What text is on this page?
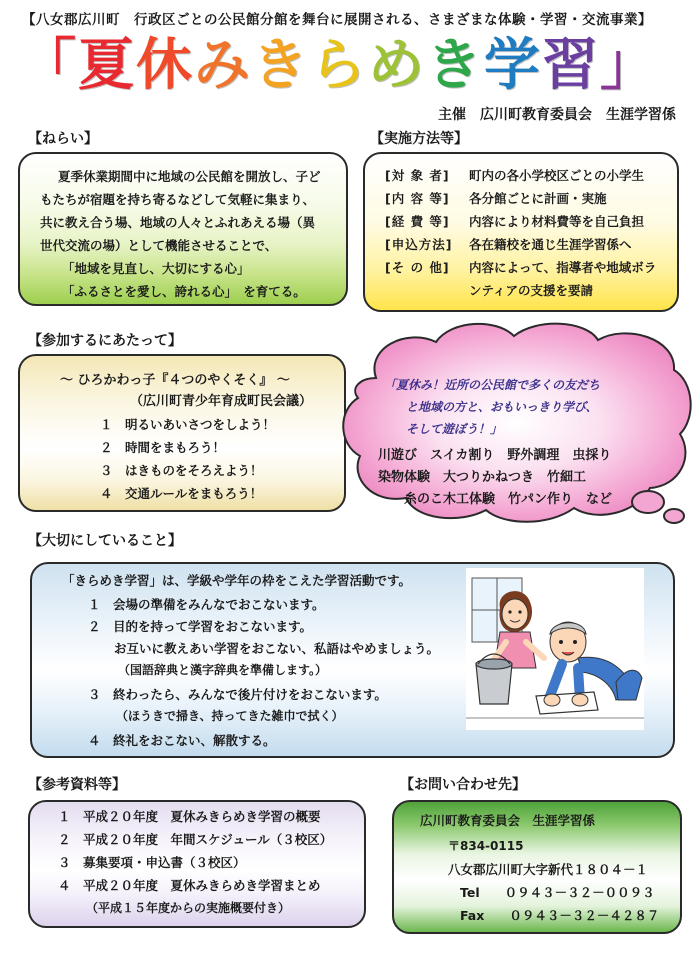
【八女郡広川町　行政区ごとの公民館分館を舞台に展開される、さまざまな体験・学習・交流事業】
「夏休みきらめき学習」
主催　広川町教育委員会　生涯学習係
【ねらい】
夏季休業期間中に地域の公民館を開放し、子ど
もたちが宿題を持ち寄るなどして気軽に集まり、
共に教え合う場、地域の人々とふれあえる場（異
世代交流の場）として機能させることで、
「地域を見直し、大切にする心」
「ふるさとを愛し、誇れる心」　を育てる。
【実施方法等】
[対 象 者]	町内の各小学校区ごとの小学生
[内 容 等]	各分館ごとに計画・実施
[経 費 等]	内容により材料費等を自己負担
[申込方法]	各在籍校を通じ生涯学習係へ
[そ の 他]	内容によって、指導者や地域ボラ
ンティアの支援を要請
【参加するにあたって】
～ ひろかわっ子『４つのやくそく』 ～
（広川町青少年育成町民会議）
１　 明るいあいさつをしよう！
２　 時間をまもろう！
３　 はきものをそろえよう！
４　 交通ルールをまもろう！
「夏休み！近所の公民館で多くの友だち
と地域の方と、おもいっきり学び、
そして遊ぼう！」
川遊び　スイカ割り　野外調理　虫採り
染物体験　大つりかねつき　竹細工
糸のこ木工体験　竹パン作り　など
【大切にしていること】
「きらめき学習」は、学級や学年の枠をこえた学習活動です。
１　 会場の準備をみんなでおこないます。
２　 目的を持って学習をおこないます。
お互いに教えあい学習をおこない、私語はやめましょう。
（国語辞典と漢字辞典を準備します。）
３　 終わったら、みんなで後片付けをおこないます。
（ほうきで掃き、持ってきた雑巾で拭く）
４　 終礼をおこない、解散する。
【参考資料等】
１　 平成２０年度　夏休みきらめき学習の概要
２　 平成２０年度　年間スケジュール（３校区）
３　 募集要項・申込書（３校区）
４　 平成２０年度　夏休みきらめき学習まとめ
（平成１５年度からの実施概要付き）
【お問い合わせ先】
広川町教育委員会　生涯学習係
〒834-0115
八女郡広川町大字新代１８０４－１
Tel　　 ０９４３－３２－００９３
Fax　　 ０９４３－３２－４２８７
